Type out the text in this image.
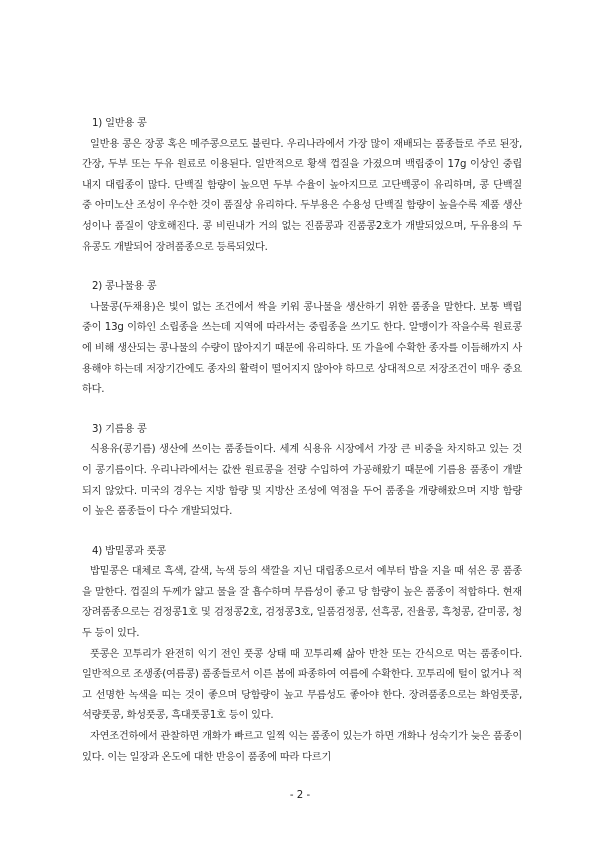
1) 일반용 콩

일반용 콩은 장콩 혹은 메주콩으로도 불린다. 우리나라에서 가장 많이 재배되는 품종들로 주로 된장, 간장, 두부 또는 두유 원료로 이용된다. 일반적으로 황색 껍질을 가졌으며 백립중이 17g 이상인 중립 내지 대립종이 많다. 단백질 함량이 높으면 두부 수율이 높아지므로 고단백콩이 유리하며, 콩 단백질 중 아미노산 조성이 우수한 것이 품질상 유리하다. 두부용은 수용성 단백질 함량이 높을수록 제품 생산성이나 품질이 양호해진다. 콩 비린내가 거의 없는 진품콩과 진품콩2호가 개발되었으며, 두유용의 두유콩도 개발되어 장려품종으로 등록되었다.

2) 콩나물용 콩

나물콩(두채용)은 빛이 없는 조건에서 싹을 키워 콩나물을 생산하기 위한 품종을 말한다. 보통 백립중이 13g 이하인 소립종을 쓰는데 지역에 따라서는 중립종을 쓰기도 한다. 알맹이가 작을수록 원료콩에 비해 생산되는 콩나물의 수량이 많아지기 때문에 유리하다. 또 가을에 수확한 종자를 이듬해까지 사용해야 하는데 저장기간에도 종자의 활력이 떨어지지 않아야 하므로 상대적으로 저장조건이 매우 중요하다.

3) 기름용 콩

식용유(콩기름) 생산에 쓰이는 품종들이다. 세계 식용유 시장에서 가장 큰 비중을 차지하고 있는 것이 콩기름이다. 우리나라에서는 값싼 원료콩을 전량 수입하여 가공해왔기 때문에 기름용 품종이 개발되지 않았다. 미국의 경우는 지방 함량 및 지방산 조성에 역점을 두어 품종을 개량해왔으며 지방 함량이 높은 품종들이 다수 개발되었다.

4) 밥밑콩과 풋콩

밥밑콩은 대체로 흑색, 갈색, 녹색 등의 색깔을 지닌 대립종으로서 예부터 밥을 지을 때 섞은 콩 품종을 말한다. 껍질의 두께가 얇고 물을 잘 흡수하며 무름성이 좋고 당 함량이 높은 품종이 적합하다. 현재 장려품종으로는 검정콩1호 및 검정콩2호, 검정콩3호, 일품검정콩, 선흑콩, 진율콩, 흑청콩, 갈미콩, 청두 등이 있다.

풋콩은 꼬투리가 완전히 익기 전인 풋콩 상태 때 꼬투리째 삶아 반찬 또는 간식으로 먹는 품종이다. 일반적으로 조생종(여름콩) 품종들로서 이른 봄에 파종하여 여름에 수확한다. 꼬투리에 털이 없거나 적고 선명한 녹색을 띠는 것이 좋으며 당함량이 높고 무름성도 좋아야 한다. 장려품종으로는 화엄풋콩, 석량풋콩, 화성풋콩, 흑대풋콩1호 등이 있다.

자연조건하에서 관찰하면 개화가 빠르고 일찍 익는 품종이 있는가 하면 개화나 성숙기가 늦은 품종이 있다. 이는 일장과 온도에 대한 반응이 품종에 따라 다르기

- 2 -
